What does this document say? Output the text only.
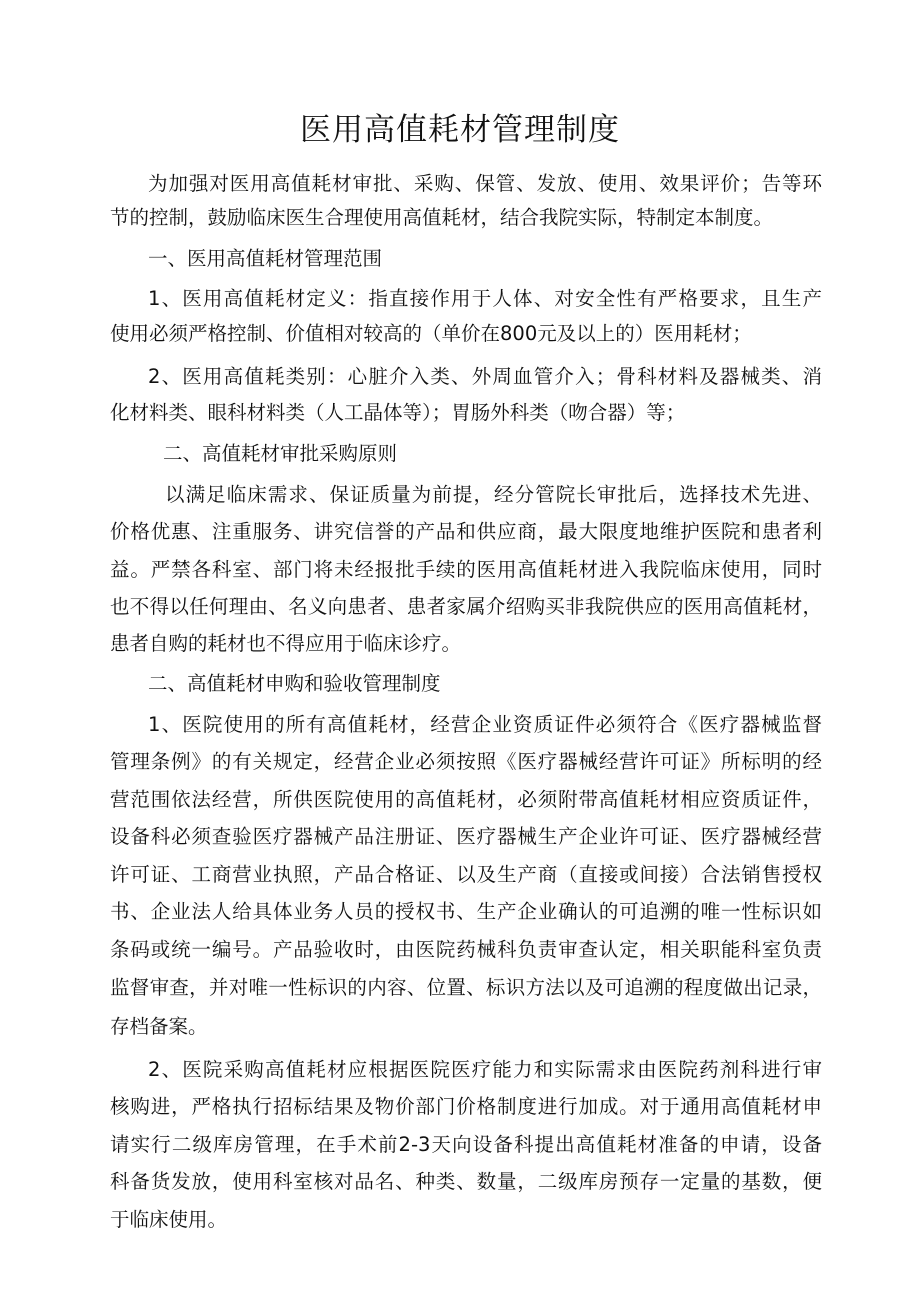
医用高值耗材管理制度

为加强对医用高值耗材审批、采购、保管、发放、使用、效果评价；告等环

节的控制，鼓励临床医生合理使用高值耗材，结合我院实际，特制定本制度。

一、医用高值耗材管理范围

1、医用高值耗材定义：指直接作用于人体、对安全性有严格要求，且生产

使用必须严格控制、价值相对较高的（单价在800元及以上的）医用耗材；

2、医用高值耗类别：心脏介入类、外周血管介入；骨科材料及器械类、消

化材料类、眼科材料类（人工晶体等）；胃肠外科类（吻合器）等；

二、高值耗材审批采购原则

以满足临床需求、保证质量为前提，经分管院长审批后，选择技术先进、

价格优惠、注重服务、讲究信誉的产品和供应商，最大限度地维护医院和患者利

益。严禁各科室、部门将未经报批手续的医用高值耗材进入我院临床使用，同时

也不得以任何理由、名义向患者、患者家属介绍购买非我院供应的医用高值耗材，

患者自购的耗材也不得应用于临床诊疗。

二、高值耗材申购和验收管理制度

1、医院使用的所有高值耗材，经营企业资质证件必须符合《医疗器械监督

管理条例》的有关规定，经营企业必须按照《医疗器械经营许可证》所标明的经

营范围依法经营，所供医院使用的高值耗材，必须附带高值耗材相应资质证件，

设备科必须查验医疗器械产品注册证、医疗器械生产企业许可证、医疗器械经营

许可证、工商营业执照，产品合格证、以及生产商（直接或间接）合法销售授权

书、企业法人给具体业务人员的授权书、生产企业确认的可追溯的唯一性标识如

条码或统一编号。产品验收时，由医院药械科负责审查认定，相关职能科室负责

监督审查，并对唯一性标识的内容、位置、标识方法以及可追溯的程度做出记录，

存档备案。

2、医院采购高值耗材应根据医院医疗能力和实际需求由医院药剂科进行审

核购进，严格执行招标结果及物价部门价格制度进行加成。对于通用高值耗材申

请实行二级库房管理，在手术前2-3天向设备科提出高值耗材准备的申请，设备

科备货发放，使用科室核对品名、种类、数量，二级库房预存一定量的基数，便

于临床使用。
